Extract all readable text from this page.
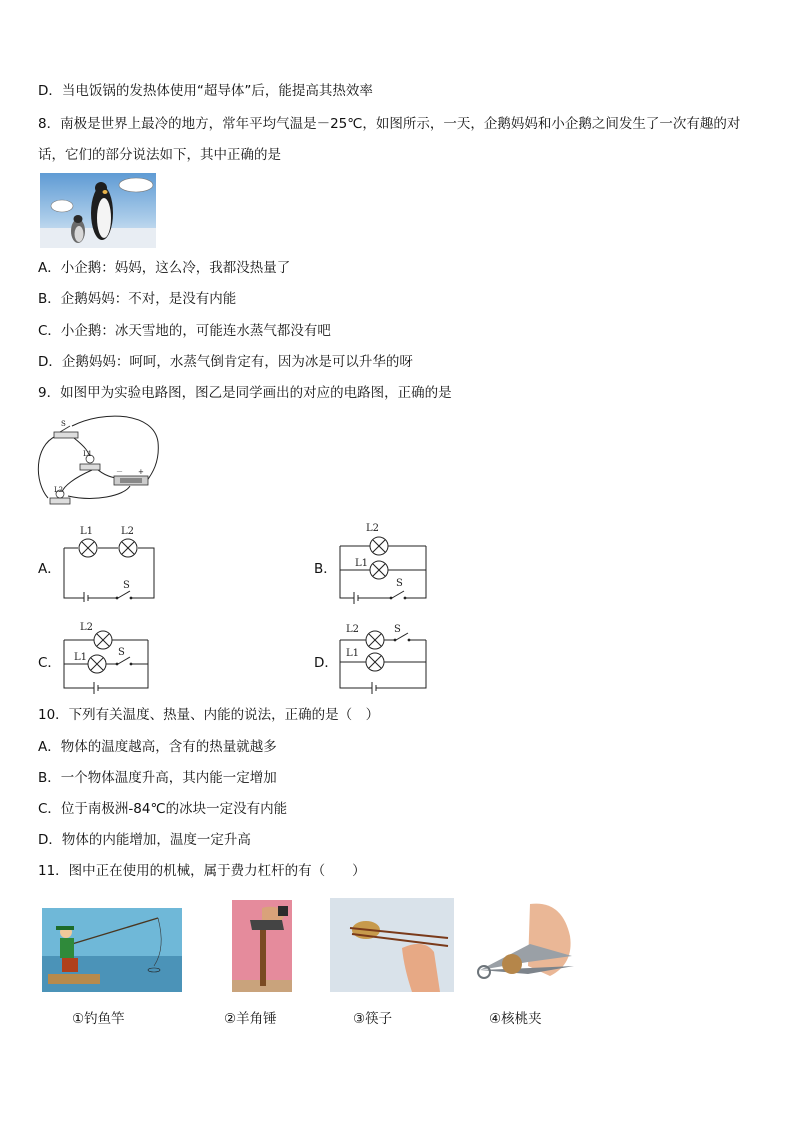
D．当电饭锅的发热体使用“超导体”后，能提高其热效率
8．南极是世界上最冷的地方，常年平均气温是－25℃，如图所示，一天，企鹅妈妈和小企鹅之间发生了一次有趣的对
话，它们的部分说法如下，其中正确的是
A．小企鹅：妈妈，这么冷，我都没热量了
B．企鹅妈妈：不对，是没有内能
C．小企鹅：冰天雪地的，可能连水蒸气都没有吧
D．企鹅妈妈：呵呵，水蒸气倒肯定有，因为冰是可以升华的呀
9．如图甲为实验电路图，图乙是同学画出的对应的电路图，正确的是
S
L1
－ +
L2
A．
L1	L2
S
B．
L2
L1
S
C．
L2
L1	S
D．
L2	S
L1
10．下列有关温度、热量、内能的说法，正确的是（　）
A．物体的温度越高，含有的热量就越多
B．一个物体温度升高，其内能一定增加
C．位于南极洲-84℃的冰块一定没有内能
D．物体的内能增加，温度一定升高
11．图中正在使用的机械，属于费力杠杆的有（　　）
①钓鱼竿	②羊角锤	③筷子	④核桃夹
